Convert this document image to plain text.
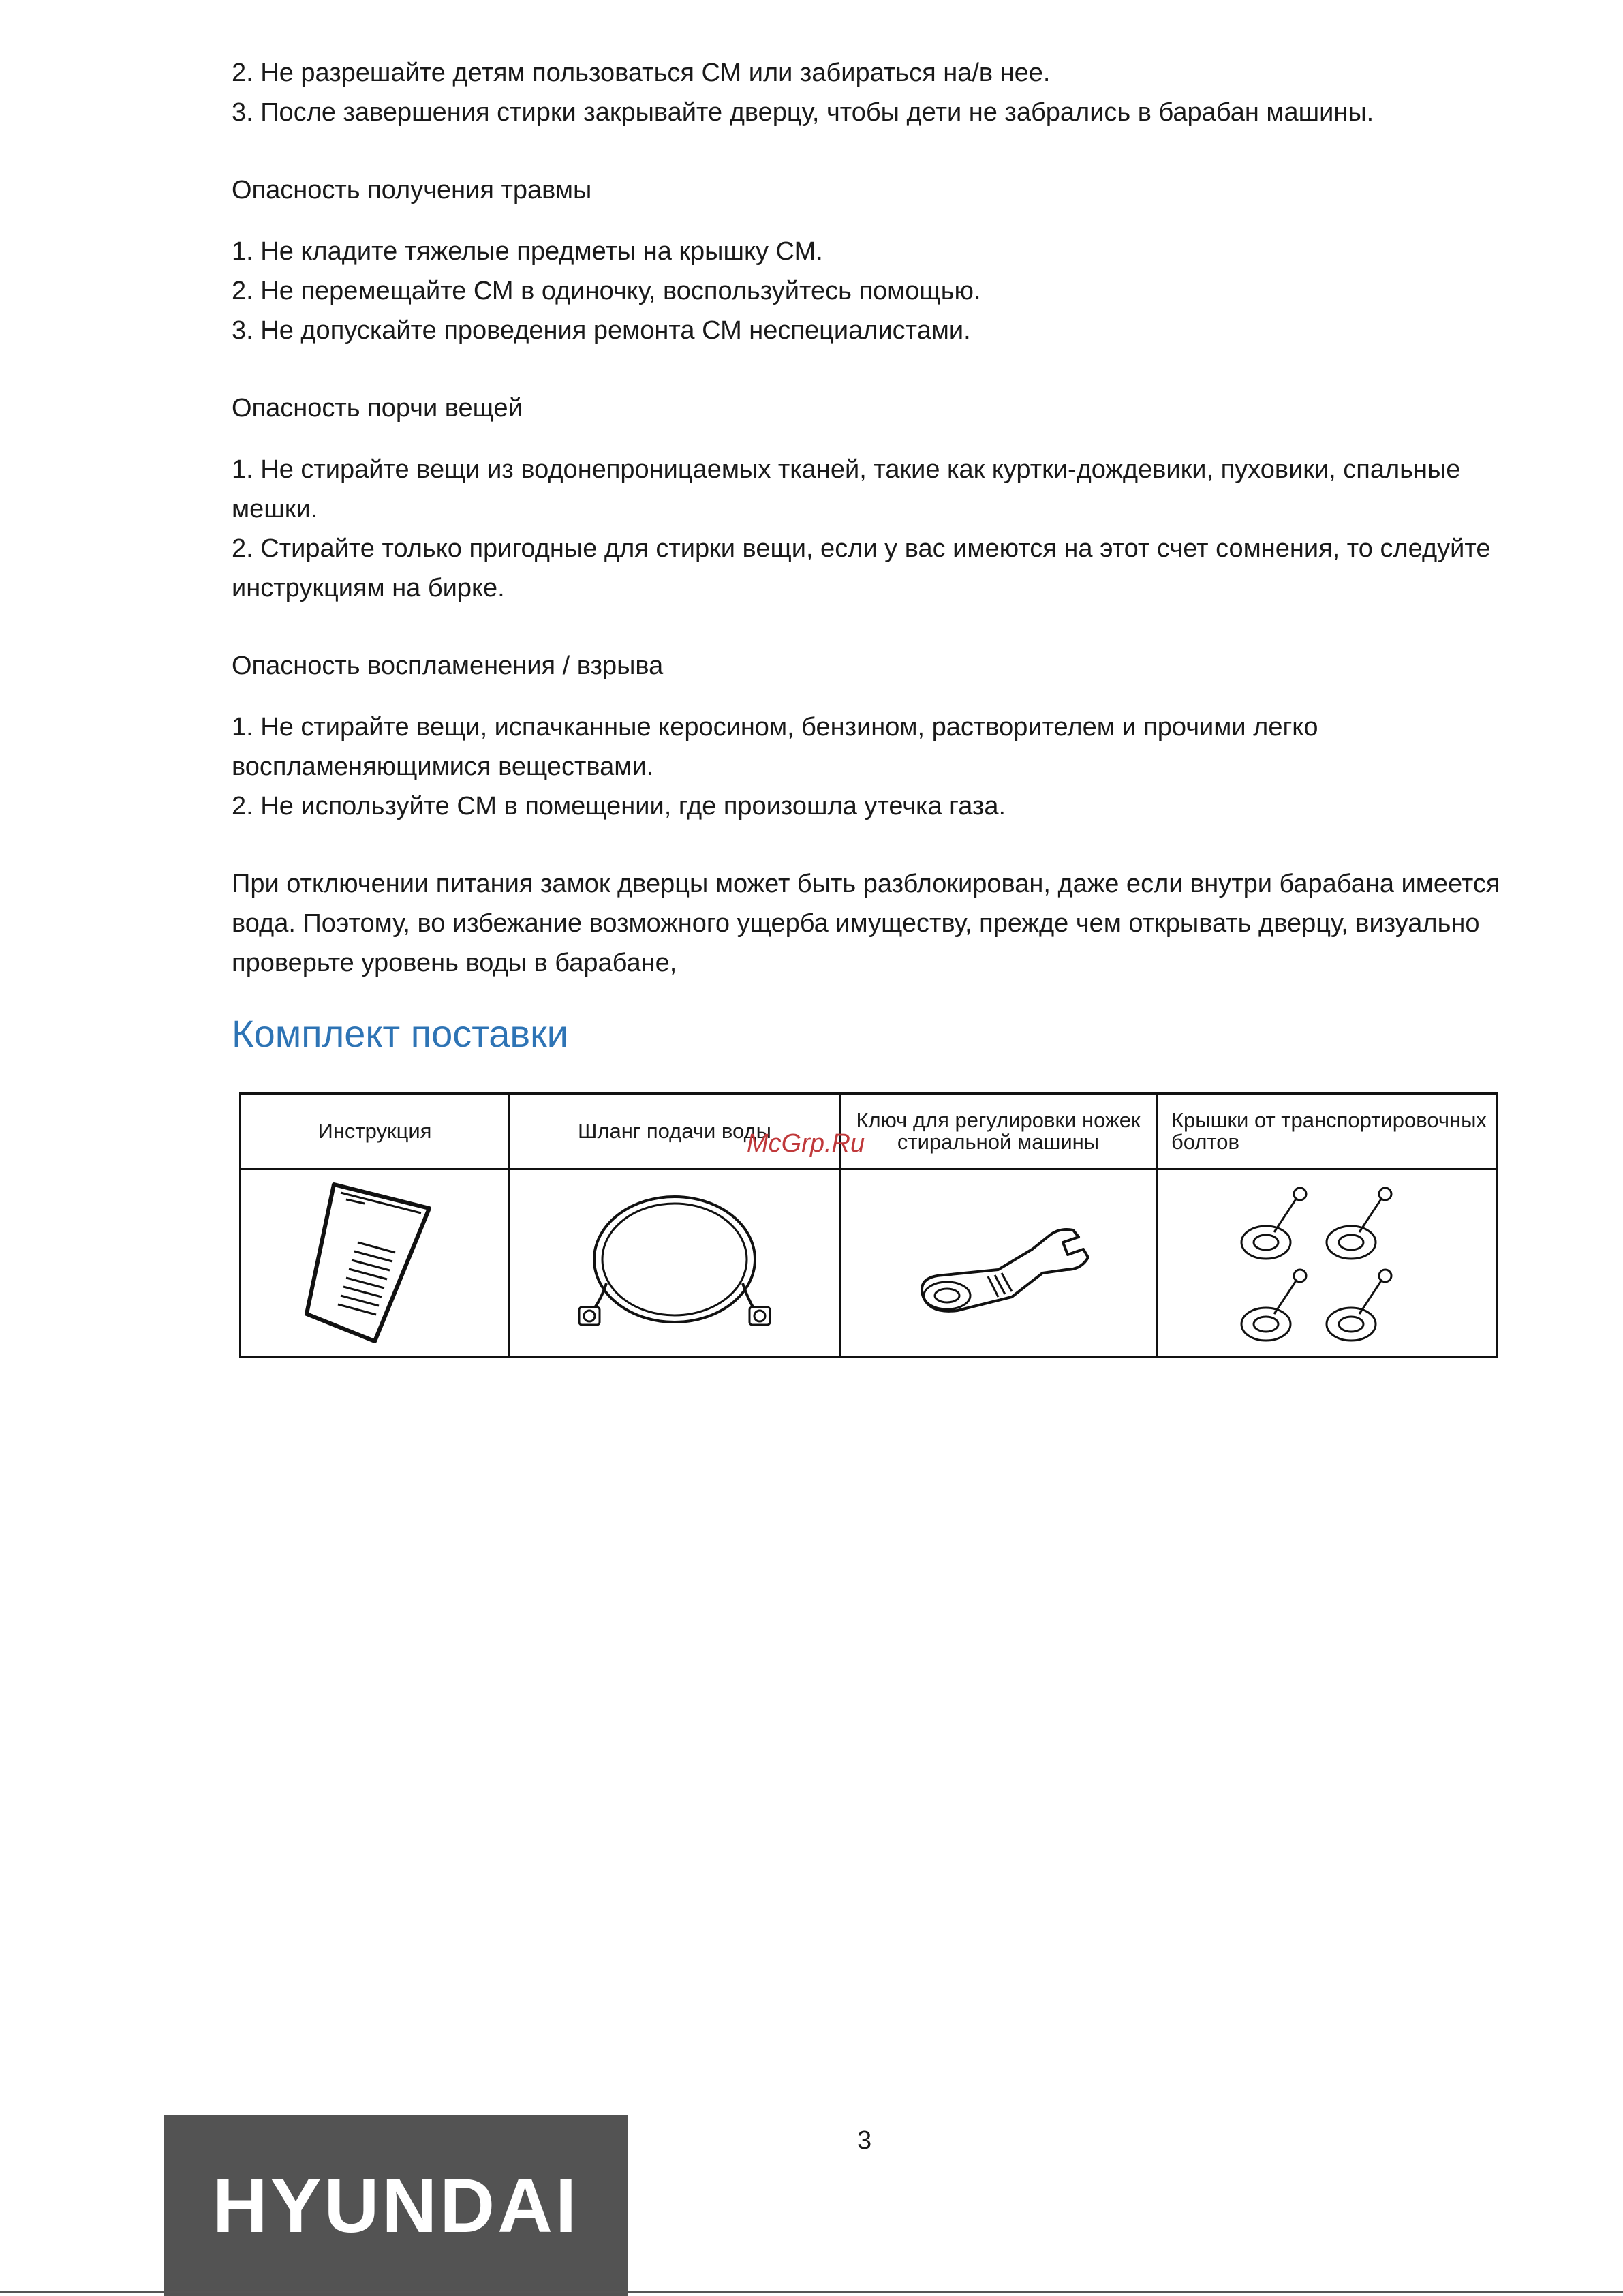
2. Не разрешайте детям пользоваться СМ или забираться на/в нее.

3. После завершения стирки закрывайте дверцу, чтобы дети не забрались в барабан машины.

Опасность получения травмы

1. Не кладите тяжелые предметы на крышку СМ.

2. Не перемещайте СМ в одиночку, воспользуйтесь помощью.

3. Не допускайте проведения ремонта СМ неспециалистами.

Опасность порчи вещей

1. Не стирайте вещи из водонепроницаемых тканей, такие как куртки-дождевики, пуховики, спальные мешки.

2. Стирайте только пригодные для стирки вещи, если у вас имеются на этот счет сомнения, то следуйте инструкциям на бирке.

Опасность воспламенения / взрыва

1. Не стирайте вещи, испачканные керосином, бензином, растворителем и прочими легко воспламеняющимися веществами.

2. Не используйте СМ в помещении, где произошла утечка газа.

При отключении питания замок дверцы может быть разблокирован, даже если внутри барабана имеется вода. Поэтому, во избежание возможного ущерба имуществу, прежде чем открывать дверцу, визуально проверьте уровень воды в барабане,

Комплект поставки
Инструкция	Шланг подачи воды	Ключ для регулировки ножек стиральной машины	Крышки от транспортировочных болтов

McGrp.Ru
3
HYUNDAI
